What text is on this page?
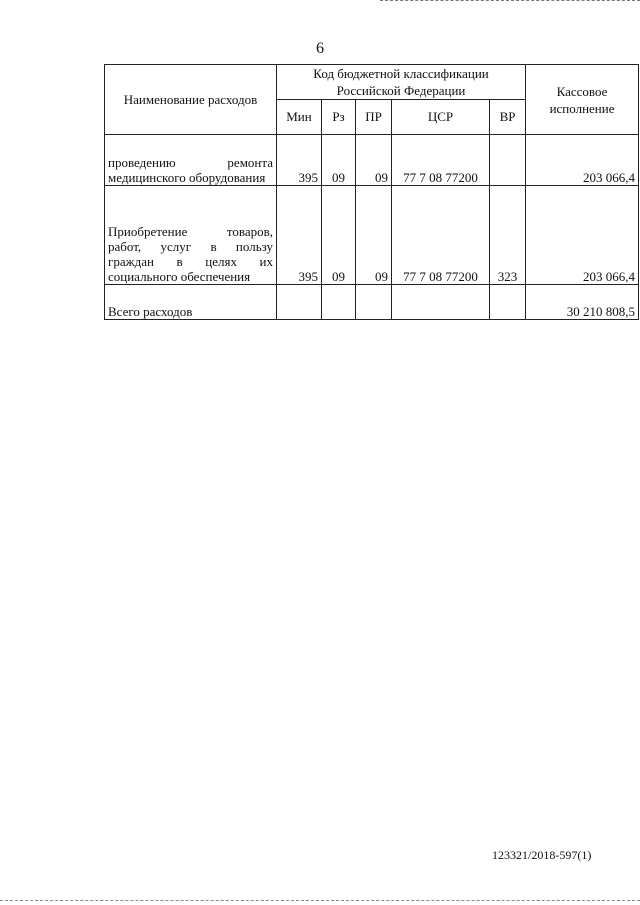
6
Наименование расходов	Код бюджетной классификации Российской Федерации					Кассовое исполнение
	Мин	Рз	ПР	ЦСР	ВР	
проведению ремонта медицинского оборудования	395	09	09	77 7 08 77200		203 066,4
Приобретение товаров, работ, услуг в пользу граждан в целях их социального обеспечения	395	09	09	77 7 08 77200	323	203 066,4
Всего расходов						30 210 808,5
123321/2018-597(1)
